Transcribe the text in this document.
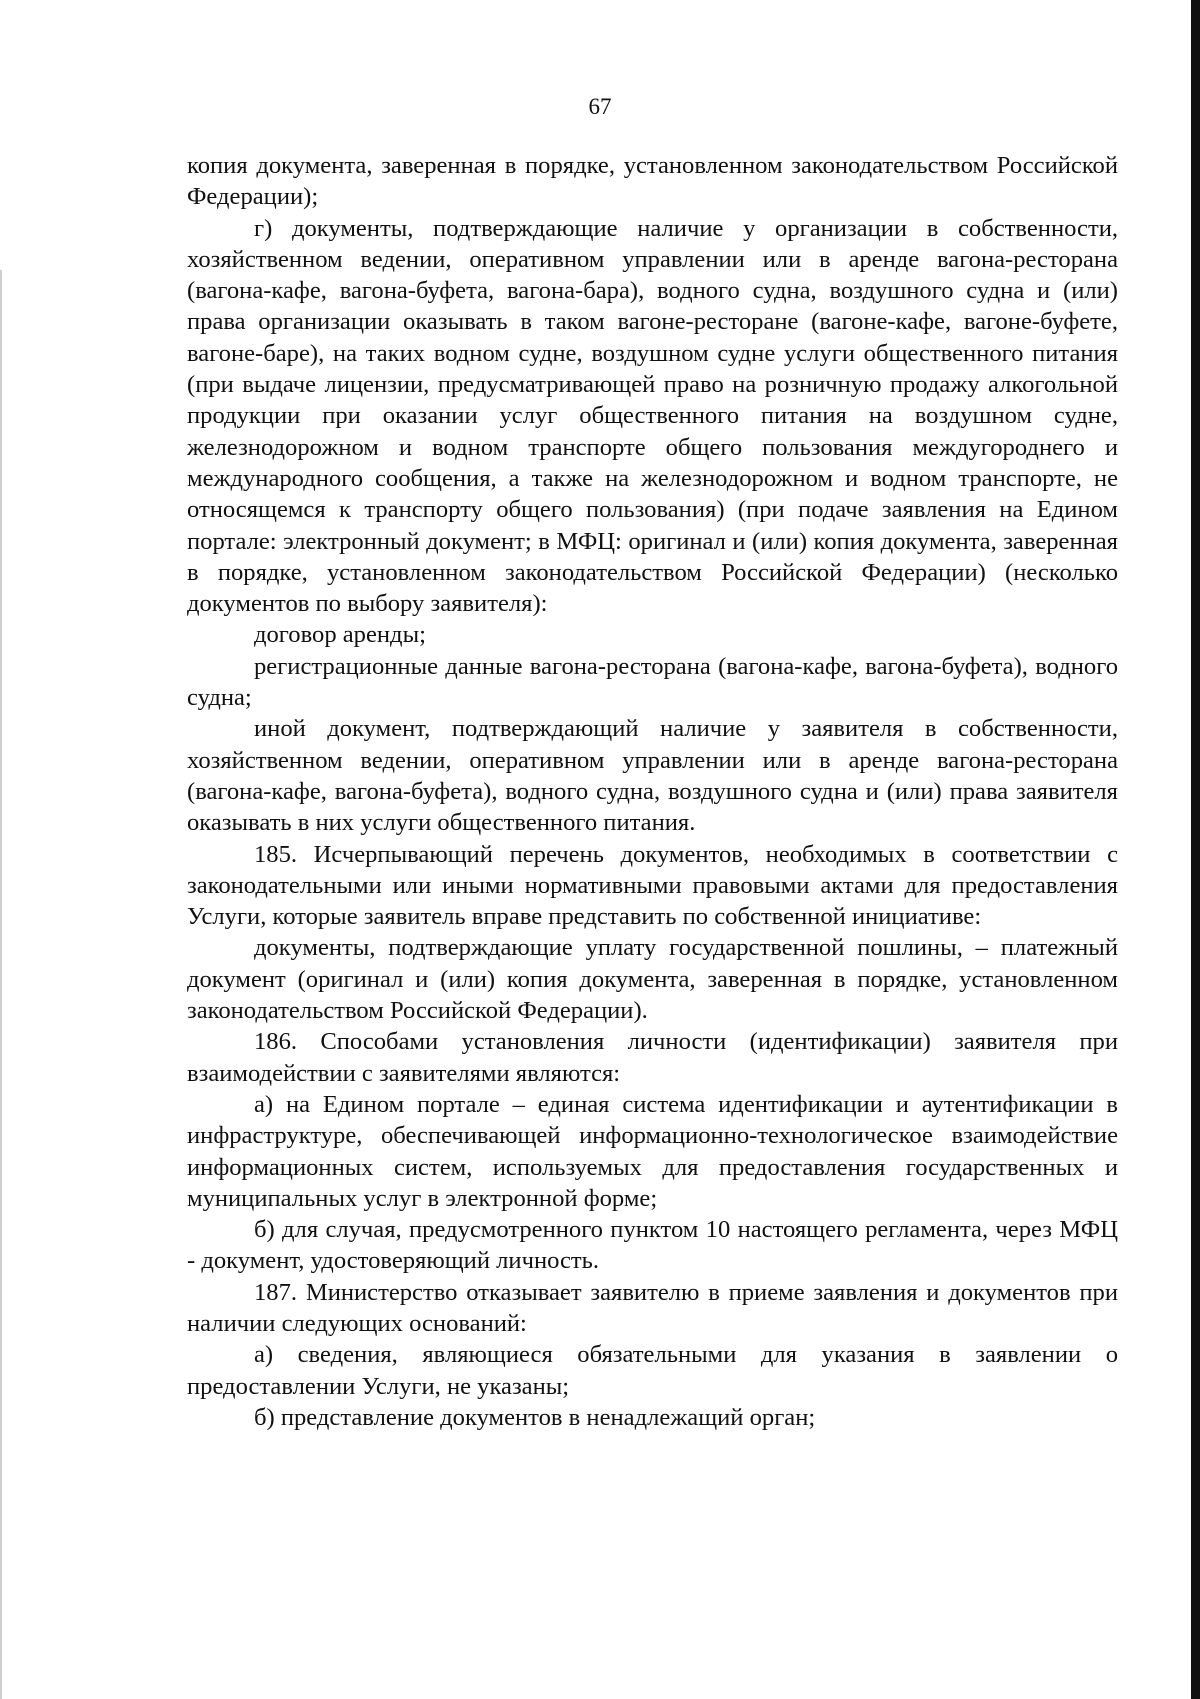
67

копия документа, заверенная в порядке, установленном законодательством Российской Федерации);

г) документы, подтверждающие наличие у организации в собственности, хозяйственном ведении, оперативном управлении или в аренде вагона-ресторана (вагона-кафе, вагона-буфета, вагона-бара), водного судна, воздушного судна и (или) права организации оказывать в таком вагоне-ресторане (вагоне-кафе, вагоне-буфете, вагоне-баре), на таких водном судне, воздушном судне услуги общественного питания (при выдаче лицензии, предусматривающей право на розничную продажу алкогольной продукции при оказании услуг общественного питания на воздушном судне, железнодорожном и водном транспорте общего пользования междугороднего и международного сообщения, а также на железнодорожном и водном транспорте, не относящемся к транспорту общего пользования) (при подаче заявления на Едином портале: электронный документ; в МФЦ: оригинал и (или) копия документа, заверенная в порядке, установленном законодательством Российской Федерации) (несколько документов по выбору заявителя):

договор аренды;

регистрационные данные вагона-ресторана (вагона-кафе, вагона-буфета), водного судна;

иной документ, подтверждающий наличие у заявителя в собственности, хозяйственном ведении, оперативном управлении или в аренде вагона-ресторана (вагона-кафе, вагона-буфета), водного судна, воздушного судна и (или) права заявителя оказывать в них услуги общественного питания.

185. Исчерпывающий перечень документов, необходимых в соответствии с законодательными или иными нормативными правовыми актами для предоставления Услуги, которые заявитель вправе представить по собственной инициативе:

документы, подтверждающие уплату государственной пошлины, – платежный документ (оригинал и (или) копия документа, заверенная в порядке, установленном законодательством Российской Федерации).

186. Способами установления личности (идентификации) заявителя при взаимодействии с заявителями являются:

а) на Едином портале – единая система идентификации и аутентификации в инфраструктуре, обеспечивающей информационно-технологическое взаимодействие информационных систем, используемых для предоставления государственных и муниципальных услуг в электронной форме;

б) для случая, предусмотренного пунктом 10 настоящего регламента, через МФЦ - документ, удостоверяющий личность.

187. Министерство отказывает заявителю в приеме заявления и документов при наличии следующих оснований:

а) сведения, являющиеся обязательными для указания в заявлении о предоставлении Услуги, не указаны;

б) представление документов в ненадлежащий орган;
